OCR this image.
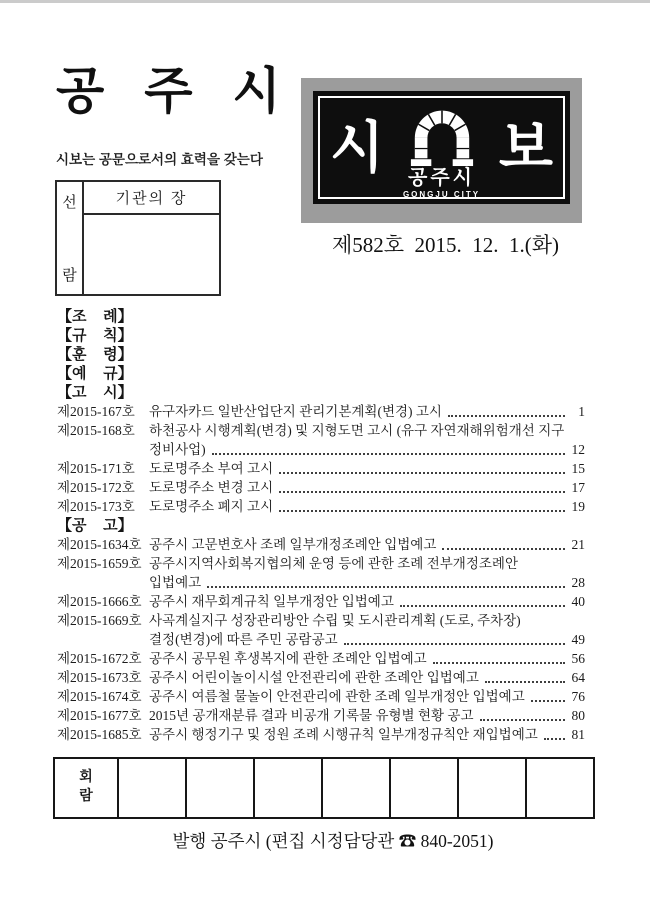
공 주 시
시보는 공문으로서의 효력을 갖는다
선
람
기관의 장
시 공주시
GONGJU CITY
보
제582호  2015.  12.  1.(화)
【조    례】
【규    칙】
【훈    령】
【예    규】
【고    시】
제2015-167호	유구자카드 일반산업단지 관리기본계획(변경) 고시	1
제2015-168호	하천공사 시행계획(변경) 및 지형도면 고시 (유구 자연재해위험개선 지구
정비사업)	12
제2015-171호	도로명주소 부여 고시	15
제2015-172호	도로명주소 변경 고시	17
제2015-173호	도로명주소 폐지 고시	19
【공    고】
제2015-1634호 공주시 고문변호사 조례 일부개정조례안 입법예고	21
제2015-1659호 공주시지역사회복지협의체 운영 등에 관한 조례 전부개정조례안
입법예고	28
제2015-1666호 공주시 재무회계규칙 일부개정안 입법예고	40
제2015-1669호 사곡계실지구 성장관리방안 수립 및 도시관리계획 (도로, 주차장)
결정(변경)에 따른 주민 공람공고	49
제2015-1672호 공주시 공무원 후생복지에 관한 조례안 입법예고	56
제2015-1673호 공주시 어린이놀이시설 안전관리에 관한 조례안 입법예고	64
제2015-1674호 공주시 여름철 물놀이 안전관리에 관한 조례 일부개정안 입법예고	76
제2015-1677호 2015년 공개재분류 결과 비공개 기록물 유형별 현황 공고	80
제2015-1685호 공주시 행정기구 및 정원 조례 시행규칙 일부개정규칙안 재입법예고 81
회
람
발행 공주시 (편집 시정담당관 ☎ 840-2051)
